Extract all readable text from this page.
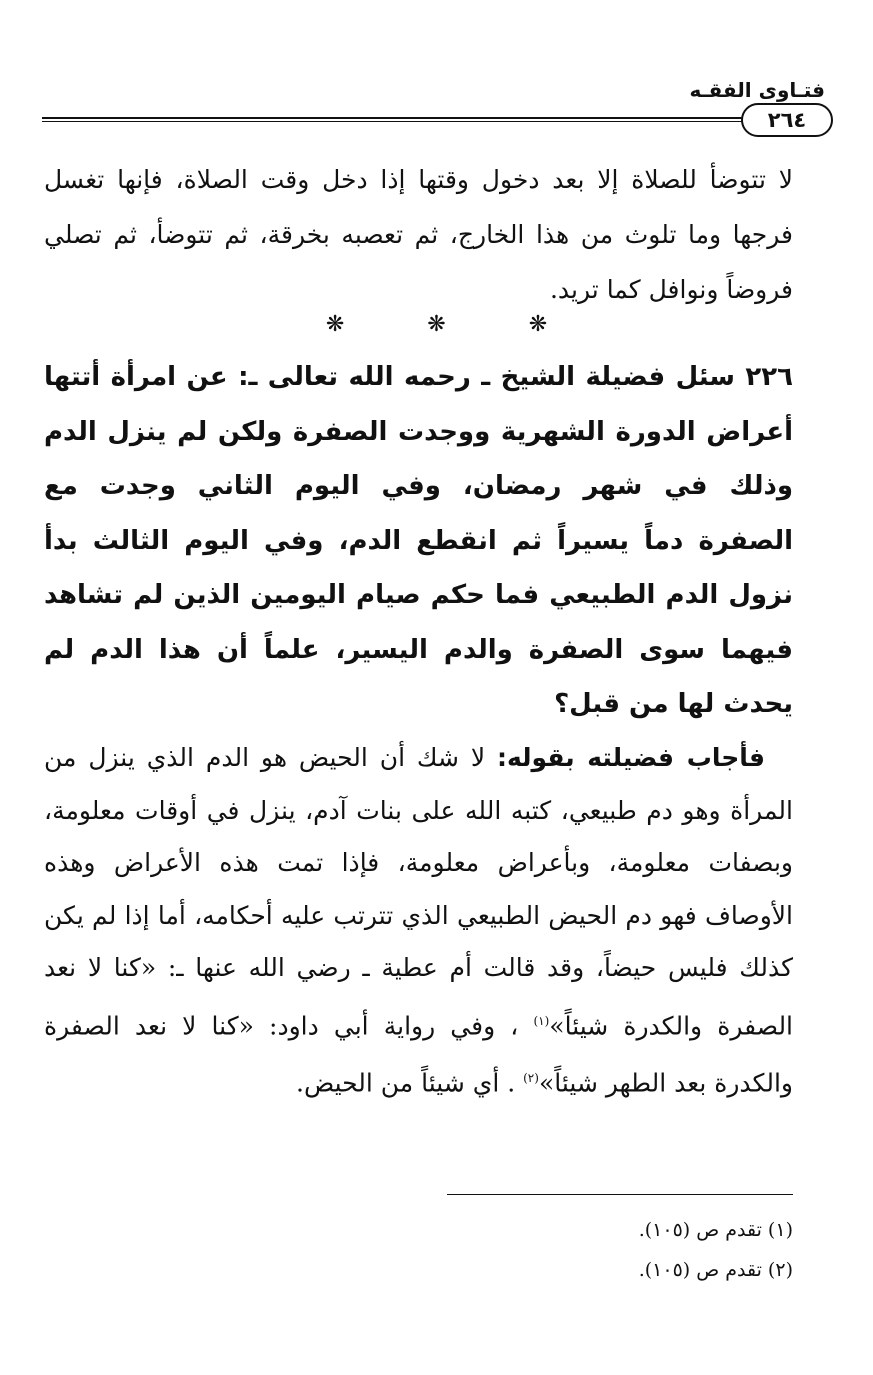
فتـاوى الفقـه
٢٦٤

لا تتوضأ للصلاة إلا بعد دخول وقتها إذا دخل وقت الصلاة، فإنها تغسل فرجها وما تلوث من هذا الخارج، ثم تعصبه بخرقة، ثم تتوضأ، ثم تصلي فروضاً ونوافل كما تريد.

❋ ❋ ❋

٢٢٦ سئل فضيلة الشيخ ـ رحمه الله تعالى ـ: عن امرأة أتتها أعراض الدورة الشهرية ووجدت الصفرة ولكن لم ينزل الدم وذلك في شهر رمضان، وفي اليوم الثاني وجدت مع الصفرة دماً يسيراً ثم انقطع الدم، وفي اليوم الثالث بدأ نزول الدم الطبيعي فما حكم صيام اليومين الذين لم تشاهد فيهما سوى الصفرة والدم اليسير، علماً أن هذا الدم لم يحدث لها من قبل؟

فأجاب فضيلته بقوله: لا شك أن الحيض هو الدم الذي ينزل من المرأة وهو دم طبيعي، كتبه الله على بنات آدم، ينزل في أوقات معلومة، وبصفات معلومة، وبأعراض معلومة، فإذا تمت هذه الأعراض وهذه الأوصاف فهو دم الحيض الطبيعي الذي تترتب عليه أحكامه، أما إذا لم يكن كذلك فليس حيضاً، وقد قالت أم عطية ـ رضي الله عنها ـ: «كنا لا نعد الصفرة والكدرة شيئاً»$^{(١)}$ ، وفي رواية أبي داود: «كنا لا نعد الصفرة والكدرة بعد الطهر شيئاً»$^{(٢)}$ . أي شيئاً من الحيض.

(١) تقدم ص (١٠٥).
(٢) تقدم ص (١٠٥).
